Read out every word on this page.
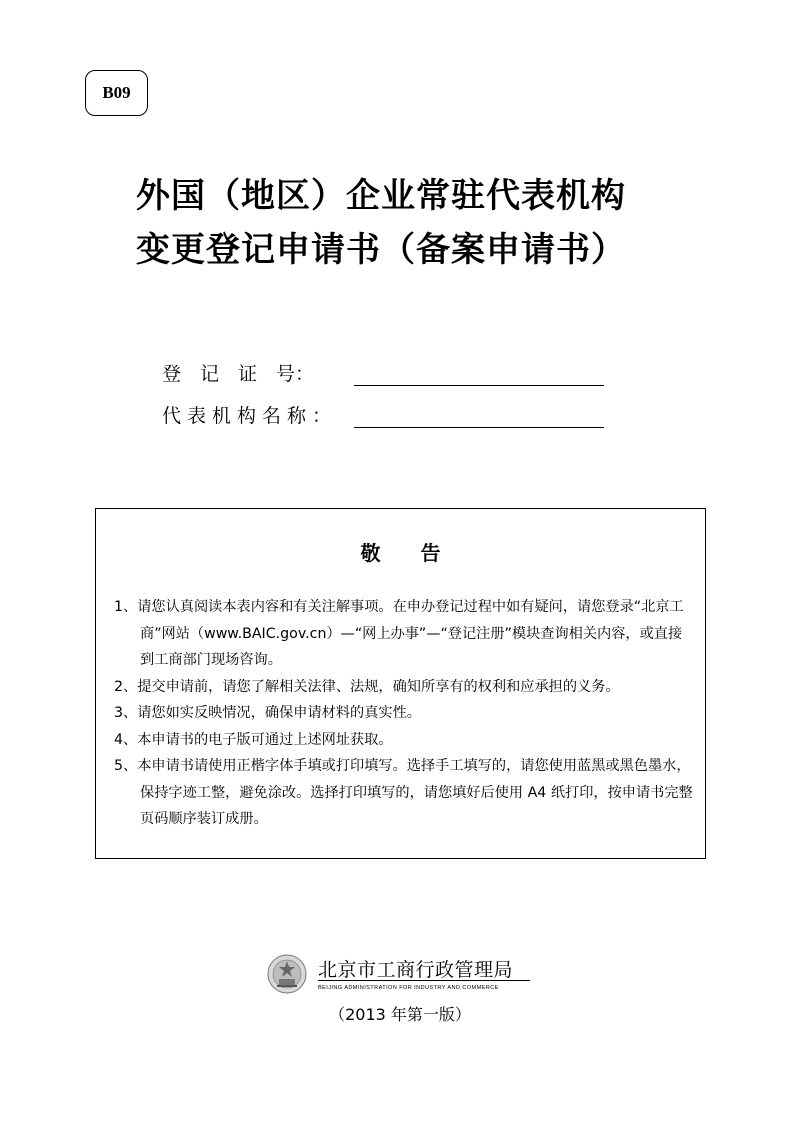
B09
外国（地区）企业常驻代表机构
变更登记申请书（备案申请书）
登　记　证　号：
代表机构名称：
敬告
1、请您认真阅读本表内容和有关注解事项。在申办登记过程中如有疑问，请您登录“北京工商”网站（www.BAIC.gov.cn）—“网上办事”—“登记注册”模块查询相关内容，或直接到工商部门现场咨询。
2、提交申请前，请您了解相关法律、法规，确知所享有的权利和应承担的义务。
3、请您如实反映情况，确保申请材料的真实性。
4、本申请书的电子版可通过上述网址获取。
5、本申请书请使用正楷字体手填或打印填写。选择手工填写的，请您使用蓝黑或黑色墨水，保持字迹工整，避免涂改。选择打印填写的，请您填好后使用 A4 纸打印，按申请书完整页码顺序装订成册。
北京市工商行政管理局
BEIJING ADMINISTRATION FOR INDUSTRY AND COMMERCE
（2013 年第一版）
